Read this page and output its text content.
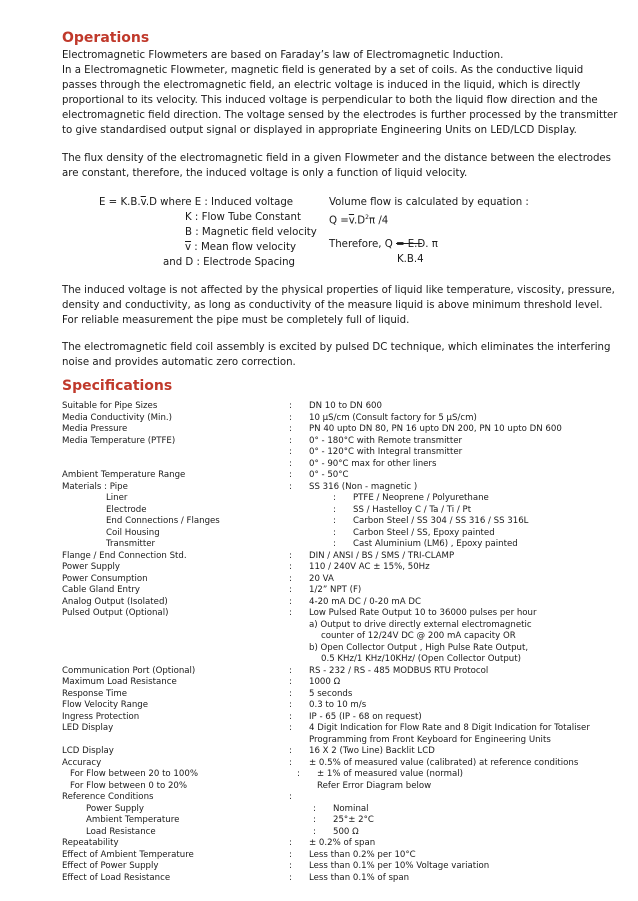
Operations
Electromagnetic Flowmeters are based on Faraday’s law of Electromagnetic Induction.
In a Electromagnetic Flowmeter, magnetic field is generated by a set of coils. As the conductive liquid
passes through the electromagnetic field, an electric voltage is induced in the liquid, which is directly
proportional to its velocity. This induced voltage is perpendicular to both the liquid flow direction and the
electromagnetic field direction. The voltage sensed by the electrodes is further processed by the transmitter
to give standardised output signal or displayed in appropriate Engineering Units on LED/LCD Display.
The flux density of the electromagnetic field in a given Flowmeter and the distance between the electrodes
are constant, therefore, the induced voltage is only a function of liquid velocity.
$E = K.B.\overline{v}.D$ where E : Induced voltage
K : Flow Tube Constant
B : Magnetic field velocity
$\overline{v}$ : Mean flow velocity
and D : Electrode Spacing
Volume flow is calculated by equation :
$Q =\overline{v}.D^2\pi$ /4
Therefore, Q = E.D. π
K.B.4
The induced voltage is not affected by the physical properties of liquid like temperature, viscosity, pressure,
density and conductivity, as long as conductivity of the measure liquid is above minimum threshold level.
For reliable measurement the pipe must be completely full of liquid.
The electromagnetic field coil assembly is excited by pulsed DC technique, which eliminates the interfering
noise and provides automatic zero correction.
Specifications
Suitable for Pipe Sizes	:	DN 10 to DN 600
Media Conductivity (Min.)	:	10 µS/cm (Consult factory for 5 µS/cm)
Media Pressure	:	PN 40 upto DN 80, PN 16 upto DN 200, PN 10 upto DN 600
Media Temperature (PTFE)	:	0° - 180°C with Remote transmitter
:	0° - 120°C with Integral transmitter
:	0° - 90°C max for other liners
Ambient Temperature Range	:	0° - 50°C
Materials : Pipe	:	SS 316 (Non - magnetic )
Liner	:	PTFE / Neoprene / Polyurethane
Electrode	:	SS / Hastelloy C / Ta / Ti / Pt
End Connections / Flanges	:	Carbon Steel / SS 304 / SS 316 / SS 316L
Coil Housing	:	Carbon Steel / SS, Epoxy painted
Transmitter	:	Cast Aluminium (LM6) , Epoxy painted
Flange / End Connection Std.	:	DIN / ANSI / BS / SMS / TRI-CLAMP
Power Supply	:	110 / 240V AC ± 15%, 50Hz
Power Consumption	:	20 VA
Cable Gland Entry	:	1/2” NPT (F)
Analog Output (Isolated)	:	4-20 mA DC / 0-20 mA DC
Pulsed Output (Optional)	:	Low Pulsed Rate Output 10 to 36000 pulses per hour
a) Output to drive directly external electromagnetic
counter of 12/24V DC @ 200 mA capacity OR
b) Open Collector Output , High Pulse Rate Output,
0.5 KHz/1 KHz/10KHz/ (Open Collector Output)
Communication Port (Optional)	:	RS - 232 / RS - 485 MODBUS RTU Protocol
Maximum Load Resistance	:	1000 Ω
Response Time	:	5 seconds
Flow Velocity Range	:	0.3 to 10 m/s
Ingress Protection	:	IP - 65 (IP - 68 on request)
LED Display	:	4 Digit Indication for Flow Rate and 8 Digit Indication for Totaliser
Programming from Front Keyboard for Engineering Units
LCD Display	:	16 X 2 (Two Line) Backlit LCD
Accuracy	:	± 0.5% of measured value (calibrated) at reference conditions
For Flow between 20 to 100%	:	± 1% of measured value (normal)
For Flow between 0 to 20%	Refer Error Diagram below
Reference Conditions	:
Power Supply	:	Nominal
Ambient Temperature	:	25°± 2°C
Load Resistance	:	500 Ω
Repeatability	:	± 0.2% of span
Effect of Ambient Temperature	:	Less than 0.2% per 10°C
Effect of Power Supply	:	Less than 0.1% per 10% Voltage variation
Effect of Load Resistance	:	Less than 0.1% of span
